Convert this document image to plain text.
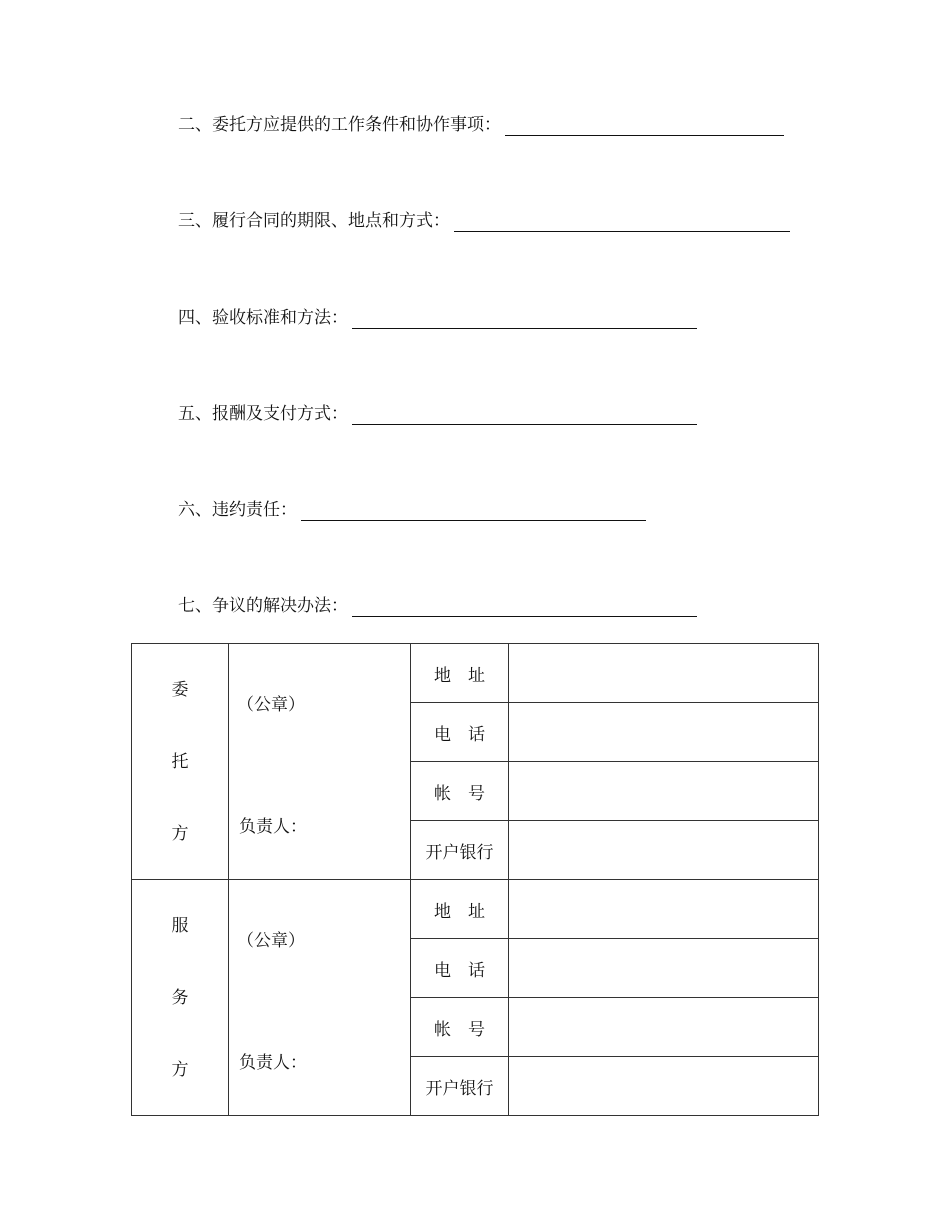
二、委托方应提供的工作条件和协作事项：
三、履行合同的期限、地点和方式：
四、验收标准和方法：
五、报酬及支付方式：
六、违约责任：
七、争议的解决办法：
委
托
方	（公章）
负责人：	地　址	
		电　话	
		帐　号	
		开户银行	

服
务
方	（公章）
负责人：	地　址	
		电　话	
		帐　号	
		开户银行	
